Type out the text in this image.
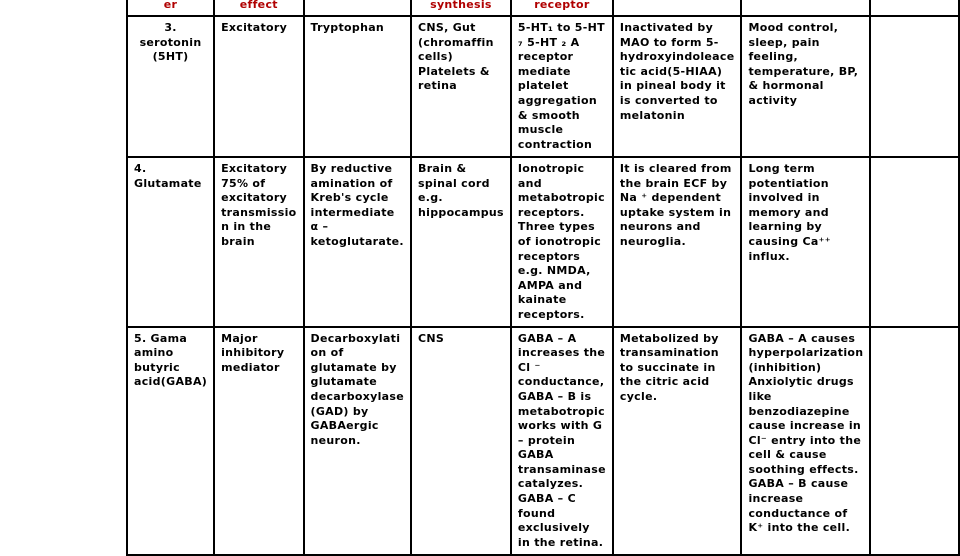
er	effect		synthesis	receptor			
3. serotonin (5HT)	Excitatory	Tryptophan	CNS, Gut (chromaffin cells) Platelets & retina	5-HT₁ to 5-HT ₇ 5-HT ₂ A receptor mediate platelet aggregation & smooth muscle contraction	Inactivated by MAO to form 5-hydroxyindoleace tic acid(5-HIAA) in pineal body it is converted to melatonin	Mood control, sleep, pain feeling, temperature, BP, & hormonal activity	
4. Glutamate	Excitatory 75% of excitatory transmissio n in the brain	By reductive amination of Kreb's cycle intermediate α – ketoglutarate.	Brain & spinal cord e.g. hippocampus	Ionotropic and metabotropic receptors. Three types of ionotropic receptors e.g. NMDA, AMPA and kainate receptors.	It is cleared from the brain ECF by Na ⁺ dependent uptake system in neurons and neuroglia.	Long term potentiation involved in memory and learning by causing Ca⁺⁺ influx.	
5. Gama amino butyric acid(GABA)	Major inhibitory mediator	Decarboxylati on of glutamate by glutamate decarboxylase (GAD) by GABAergic neuron.	CNS	GABA – A increases the Cl ⁻ conductance, GABA – B is metabotropic works with G – protein GABA transaminase catalyzes. GABA – C found exclusively in the retina.	Metabolized by transamination to succinate in the citric acid cycle.	GABA – A causes hyperpolarization (inhibition) Anxiolytic drugs like benzodiazepine cause increase in Cl⁻ entry into the cell & cause soothing effects. GABA – B cause increase conductance of K⁺ into the cell.	
